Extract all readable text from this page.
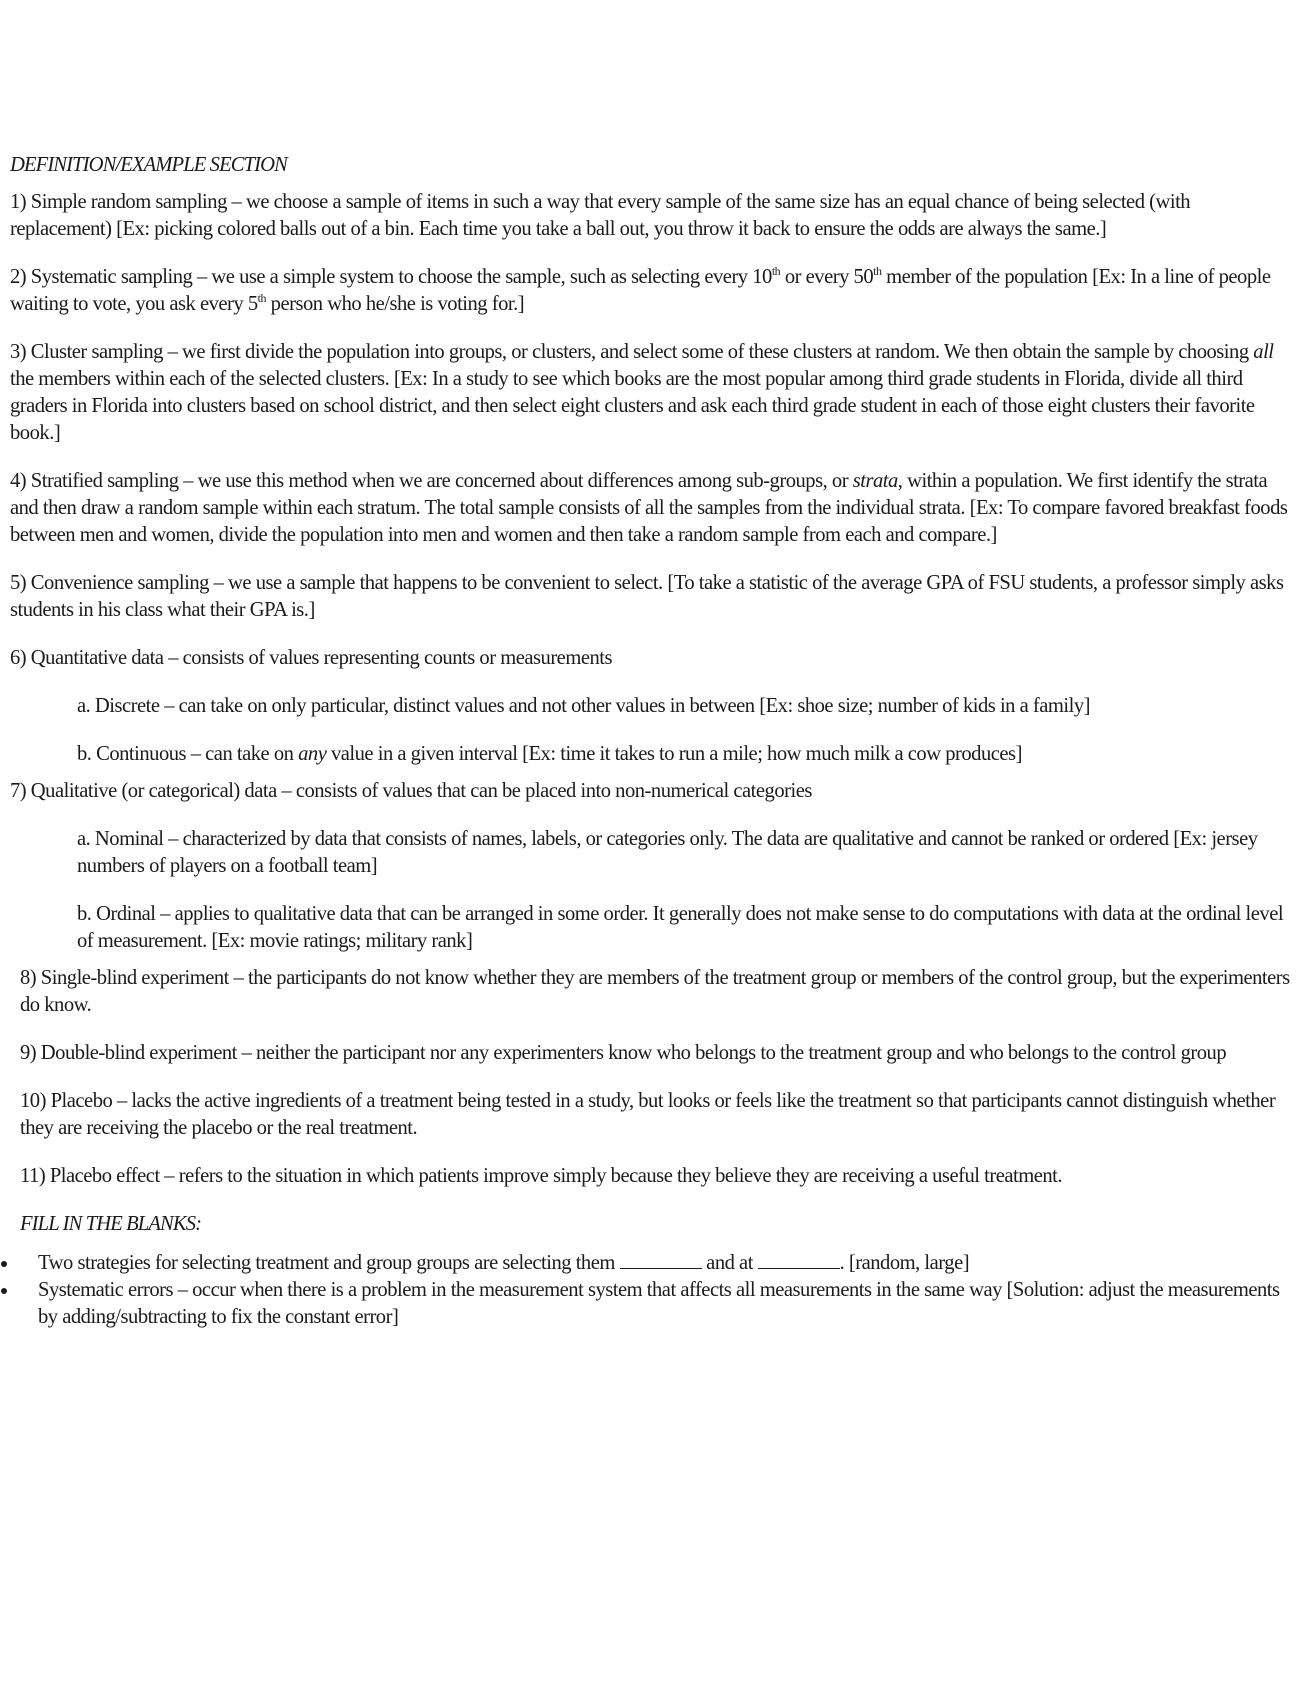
DEFINITION/EXAMPLE SECTION

1) Simple random sampling – we choose a sample of items in such a way that every sample of the same size has an equal chance of being selected (with replacement) [Ex: picking colored balls out of a bin. Each time you take a ball out, you throw it back to ensure the odds are always the same.]

2) Systematic sampling – we use a simple system to choose the sample, such as selecting every 10th or every 50th member of the population [Ex: In a line of people waiting to vote, you ask every 5th person who he/she is voting for.]

3) Cluster sampling – we first divide the population into groups, or clusters, and select some of these clusters at random. We then obtain the sample by choosing all the members within each of the selected clusters. [Ex: In a study to see which books are the most popular among third grade students in Florida, divide all third graders in Florida into clusters based on school district, and then select eight clusters and ask each third grade student in each of those eight clusters their favorite book.]

4) Stratified sampling – we use this method when we are concerned about differences among sub-groups, or strata, within a population. We first identify the strata and then draw a random sample within each stratum. The total sample consists of all the samples from the individual strata. [Ex: To compare favored breakfast foods between men and women, divide the population into men and women and then take a random sample from each and compare.]

5) Convenience sampling – we use a sample that happens to be convenient to select. [To take a statistic of the average GPA of FSU students, a professor simply asks students in his class what their GPA is.]

6) Quantitative data – consists of values representing counts or measurements

a. Discrete – can take on only particular, distinct values and not other values in between [Ex: shoe size; number of kids in a family]

b. Continuous – can take on any value in a given interval [Ex: time it takes to run a mile; how much milk a cow produces]

7) Qualitative (or categorical) data – consists of values that can be placed into non-numerical categories

a. Nominal – characterized by data that consists of names, labels, or categories only. The data are qualitative and cannot be ranked or ordered [Ex: jersey numbers of players on a football team]

b. Ordinal – applies to qualitative data that can be arranged in some order. It generally does not make sense to do computations with data at the ordinal level of measurement. [Ex: movie ratings; military rank]

8) Single-blind experiment – the participants do not know whether they are members of the treatment group or members of the control group, but the experimenters do know.

9) Double-blind experiment – neither the participant nor any experimenters know who belongs to the treatment group and who belongs to the control group

10) Placebo – lacks the active ingredients of a treatment being tested in a study, but looks or feels like the treatment so that participants cannot distinguish whether they are receiving the placebo or the real treatment.

11) Placebo effect – refers to the situation in which patients improve simply because they believe they are receiving a useful treatment.

FILL IN THE BLANKS:
Two strategies for selecting treatment and group groups are selecting them	and at	. [random, large]
Systematic errors – occur when there is a problem in the measurement system that affects all measurements in the same way [Solution: adjust the measurements by adding/subtracting to fix the constant error]
